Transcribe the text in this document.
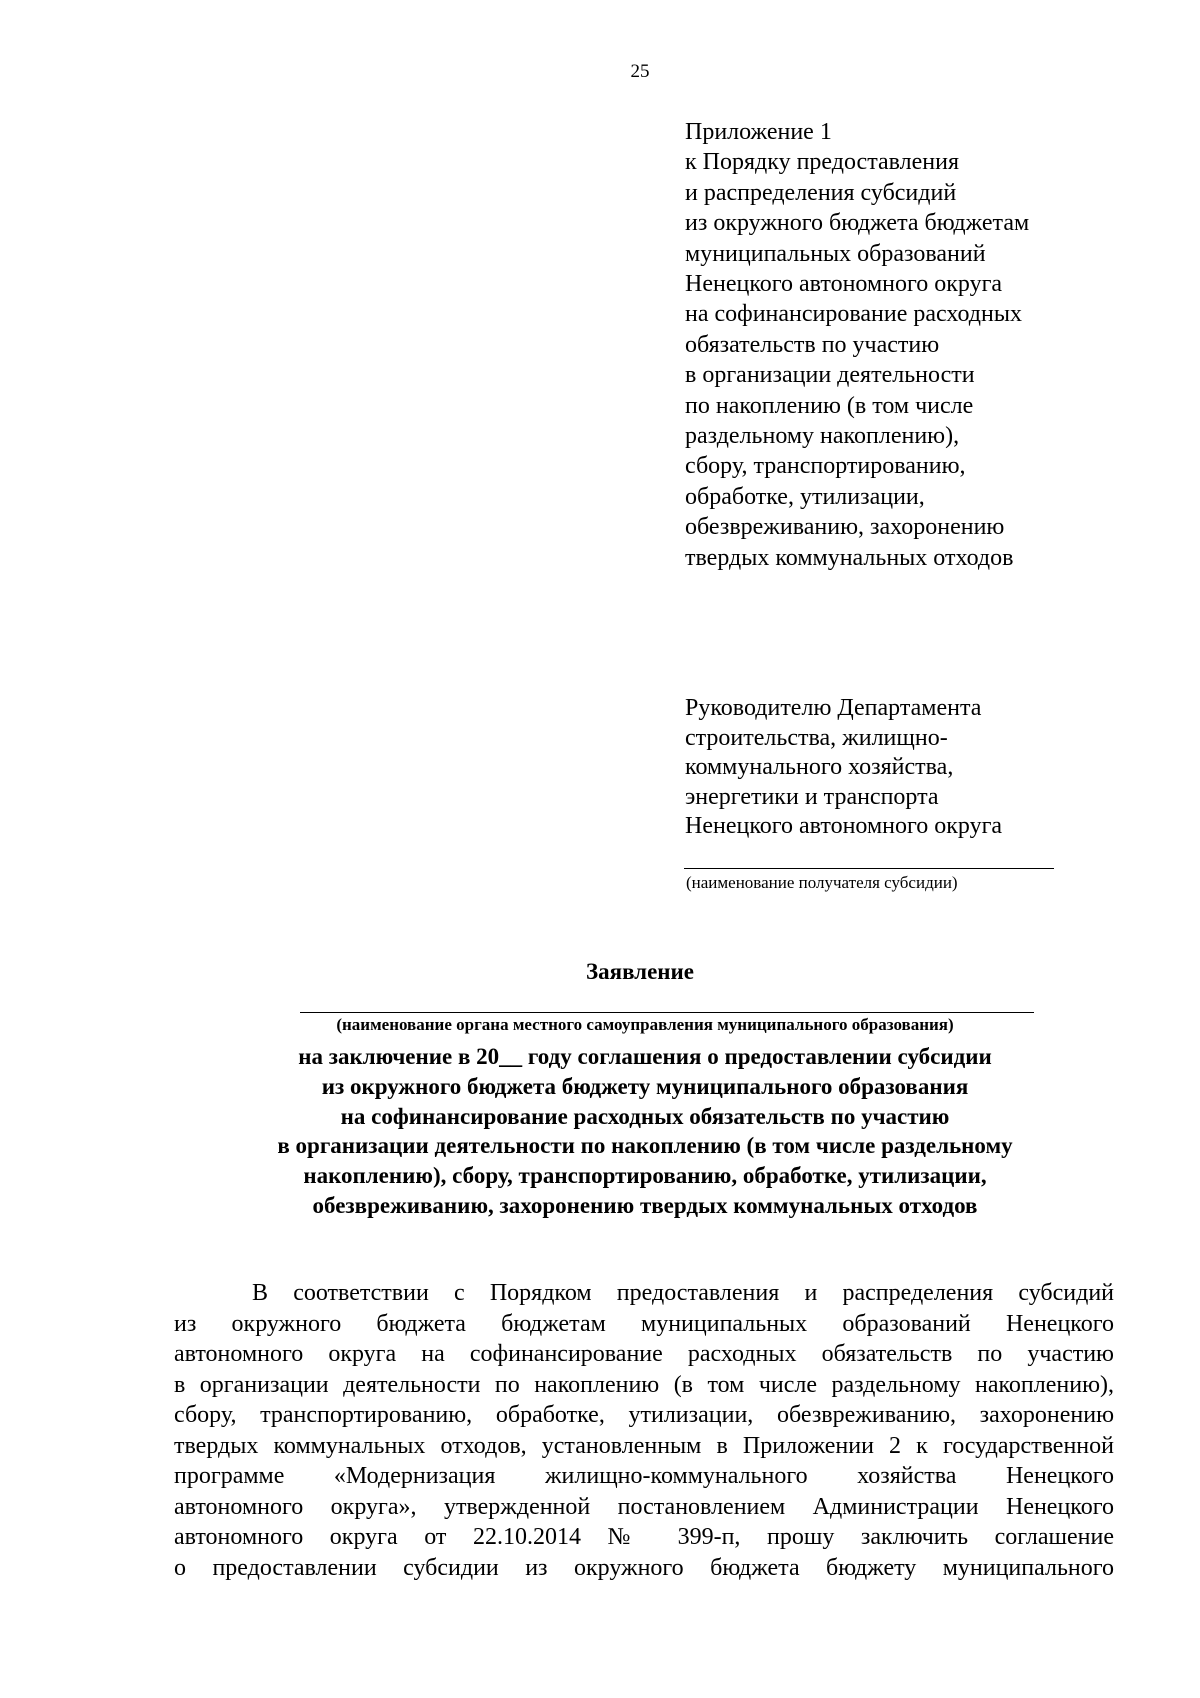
25
Приложение 1
к Порядку предоставления
и распределения субсидий
из окружного бюджета бюджетам
муниципальных образований
Ненецкого автономного округа
на софинансирование расходных
обязательств по участию
в организации деятельности
по накоплению (в том числе
раздельному накоплению),
сбору, транспортированию,
обработке, утилизации,
обезвреживанию, захоронению
твердых коммунальных отходов
Руководителю Департамента
строительства, жилищно-
коммунального хозяйства,
энергетики и транспорта
Ненецкого автономного округа
(наименование получателя субсидии)
Заявление
(наименование органа местного самоуправления муниципального образования)
на заключение в 20__ году соглашения о предоставлении субсидии
из окружного бюджета бюджету муниципального образования
на софинансирование расходных обязательств по участию
в организации деятельности по накоплению (в том числе раздельному
накоплению), сбору, транспортированию, обработке, утилизации,
обезвреживанию, захоронению твердых коммунальных отходов
В соответствии с Порядком предоставления и распределения субсидий
из окружного бюджета бюджетам муниципальных образований Ненецкого
автономного округа на софинансирование расходных обязательств по участию
в организации деятельности по накоплению (в том числе раздельному накоплению),
сбору, транспортированию, обработке, утилизации, обезвреживанию, захоронению
твердых коммунальных отходов, установленным в Приложении 2 к государственной
программе «Модернизация жилищно-коммунального хозяйства Ненецкого
автономного округа», утвержденной постановлением Администрации Ненецкого
автономного округа от 22.10.2014 № 399-п, прошу заключить соглашение
о предоставлении субсидии из окружного бюджета бюджету муниципального
